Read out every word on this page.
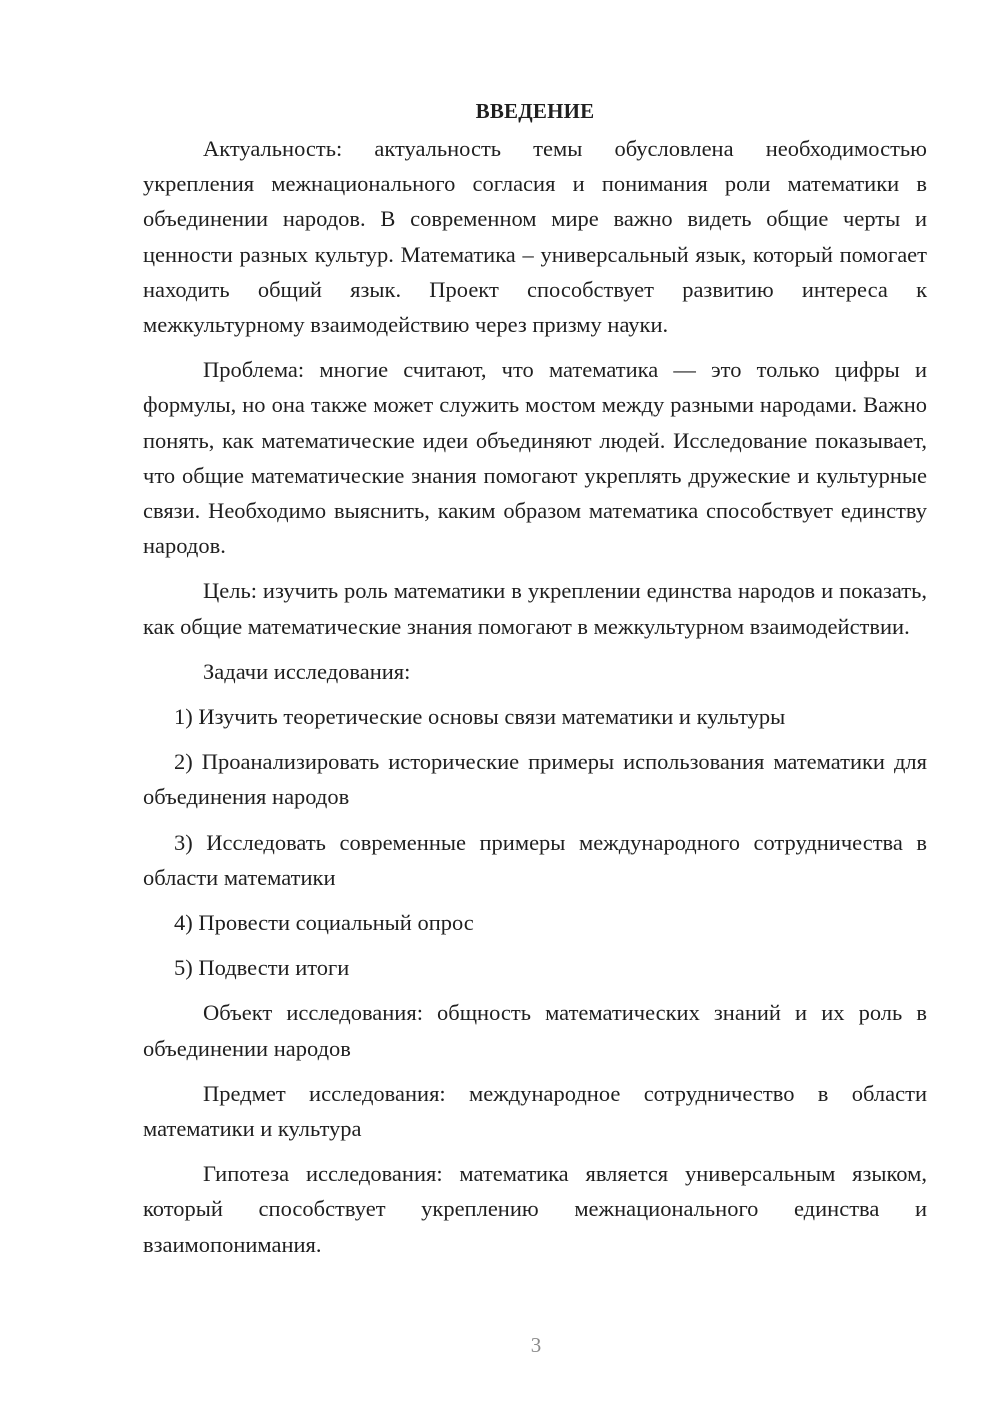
ВВЕДЕНИЕ

Актуальность: актуальность темы обусловлена необходимостью укрепления межнационального согласия и понимания роли математики в объединении народов. В современном мире важно видеть общие черты и ценности разных культур. Математика – универсальный язык, который помогает находить общий язык. Проект способствует развитию интереса к межкультурному взаимодействию через призму науки.

Проблема: многие считают, что математика — это только цифры и формулы, но она также может служить мостом между разными народами. Важно понять, как математические идеи объединяют людей. Исследование показывает, что общие математические знания помогают укреплять дружеские и культурные связи. Необходимо выяснить, каким образом математика способствует единству народов.

Цель: изучить роль математики в укреплении единства народов и показать, как общие математические знания помогают в межкультурном взаимодействии.

Задачи исследования:

1) Изучить теоретические основы связи математики и культуры

2) Проанализировать исторические примеры использования математики для объединения народов

3) Исследовать современные примеры международного сотрудничества в области математики

4) Провести социальный опрос

5) Подвести итоги

Объект исследования: общность математических знаний и их роль в объединении народов

Предмет исследования: международное сотрудничество в области математики и культура

Гипотеза исследования: математика является универсальным языком, который способствует укреплению межнационального единства и взаимопонимания.

3
